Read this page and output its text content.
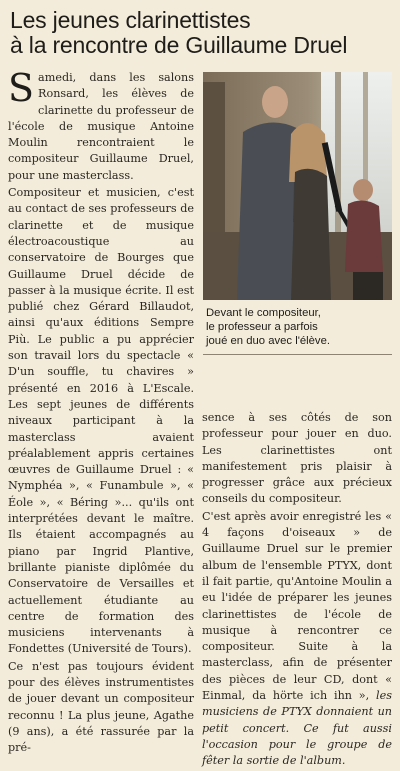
Les jeunes clarinettistes
à la rencontre de Guillaume Druel

Samedi, dans les salons Ronsard, les élèves de clarinette du professeur de l'école de musique Antoine Moulin rencontraient le compositeur Guillaume Druel, pour une masterclass.

Compositeur et musicien, c'est au contact de ses professeurs de clarinette et de musique électroacoustique au conservatoire de Bourges que Guillaume Druel décide de passer à la musique écrite. Il est publié chez Gérard Billaudot, ainsi qu'aux éditions Sempre Più. Le public a pu apprécier son travail lors du spectacle « D'un souffle, tu chavires » présenté en 2016 à L'Escale. Les sept jeunes de différents niveaux participant à la masterclass avaient préalablement appris certaines œuvres de Guillaume Druel : « Nymphéa », « Funambule », « Éole », « Béring »... qu'ils ont interprétées devant le maître. Ils étaient accompagnés au piano par Ingrid Plantive, brillante pianiste diplômée du Conservatoire de Versailles et actuellement étudiante au centre de formation des musiciens intervenants à Fondettes (Université de Tours).

Ce n'est pas toujours évident pour des élèves instrumentistes de jouer devant un compositeur reconnu ! La plus jeune, Agathe (9 ans), a été rassurée par la pré-

Devant le compositeur,
le professeur a parfois
joué en duo avec l'élève.

sence à ses côtés de son professeur pour jouer en duo. Les clarinettistes ont manifestement pris plaisir à progresser grâce aux précieux conseils du compositeur.

C'est après avoir enregistré les « 4 façons d'oiseaux » de Guillaume Druel sur le premier album de l'ensemble PTYX, dont il fait partie, qu'Antoine Moulin a eu l'idée de préparer les jeunes clarinettistes de l'école de musique à rencontrer ce compositeur. Suite à la masterclass, afin de présenter des pièces de leur CD, dont « Einmal, da hörte ich ihn », les musiciens de PTYX donnaient un petit concert. Ce fut aussi l'occasion pour le groupe de fêter la sortie de l'album.
